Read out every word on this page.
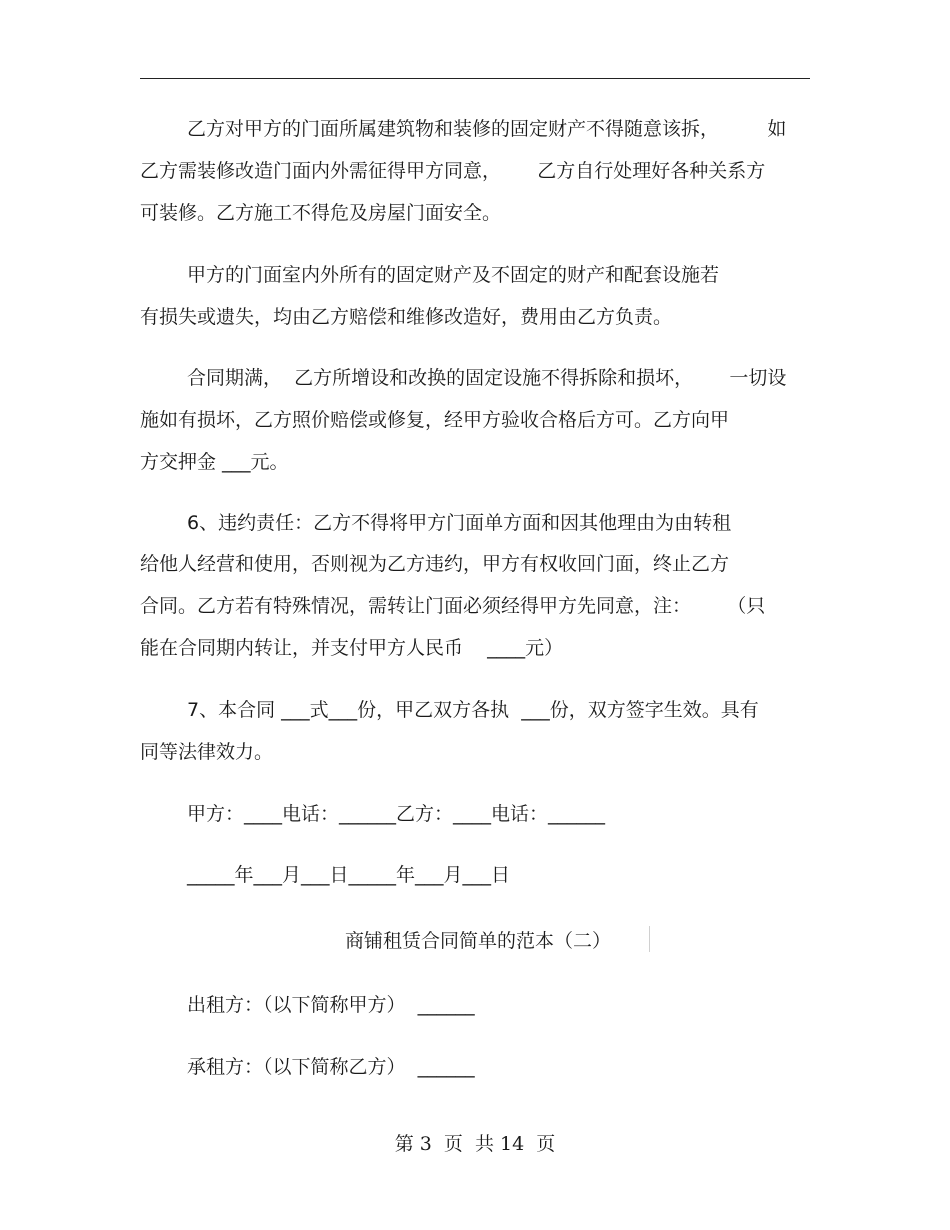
乙方对甲方的门面所属建筑物和装修的固定财产不得随意该拆，        如
乙方需装修改造门面内外需征得甲方同意，      乙方自行处理好各种关系方
可装修。乙方施工不得危及房屋门面安全。
甲方的门面室内外所有的固定财产及不固定的财产和配套设施若
有损失或遗失，均由乙方赔偿和维修改造好，费用由乙方负责。
合同期满，  乙方所增设和改换的固定设施不得拆除和损坏，      一切设
施如有损坏，乙方照价赔偿或修复，经甲方验收合格后方可。乙方向甲
方交押金 ___元。
6、违约责任：乙方不得将甲方门面单方面和因其他理由为由转租
给他人经营和使用，否则视为乙方违约，甲方有权收回门面，终止乙方
合同。乙方若有特殊情况，需转让门面必须经得甲方先同意，注：      （只
能在合同期内转让，并支付甲方人民币    ____元）
7、本合同 ___式___份，甲乙双方各执  ___份，双方签字生效。具有
同等法律效力。
甲方：____电话：______乙方：____电话：______
_____年___月___日_____年___月___日
商铺租赁合同简单的范本（二）
出租方：（以下简称甲方）  ______
承租方：（以下简称乙方）  ______
第 3  页  共 14  页
